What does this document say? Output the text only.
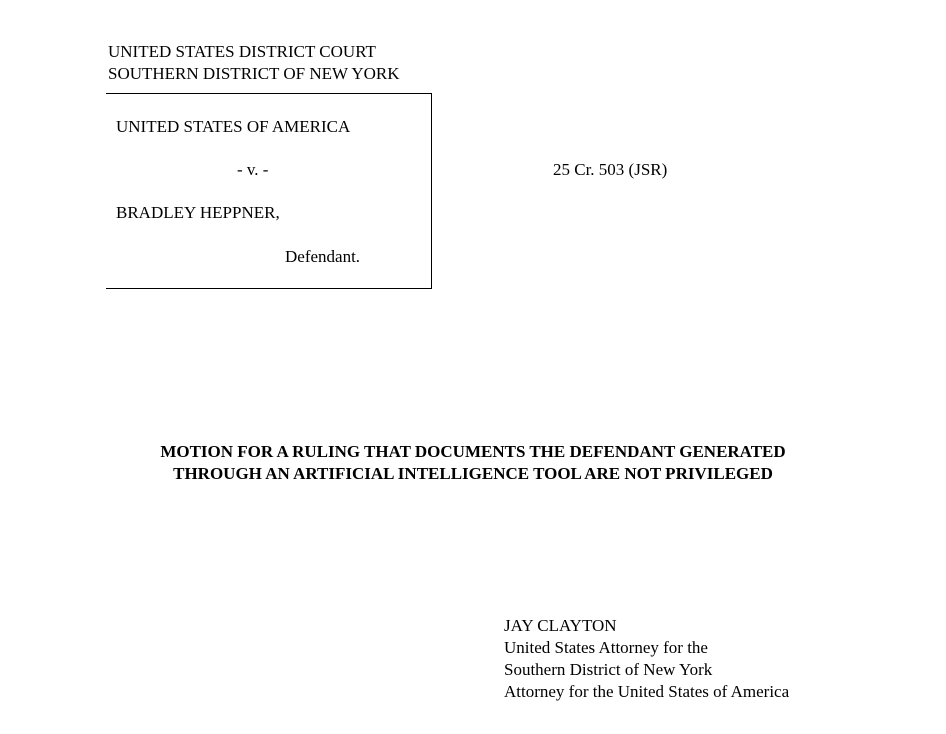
UNITED STATES DISTRICT COURT
SOUTHERN DISTRICT OF NEW YORK
UNITED STATES OF AMERICA
- v. -
BRADLEY HEPPNER,
Defendant.
25 Cr. 503 (JSR)
MOTION FOR A RULING THAT DOCUMENTS THE DEFENDANT GENERATED
THROUGH AN ARTIFICIAL INTELLIGENCE TOOL ARE NOT PRIVILEGED
JAY CLAYTON
United States Attorney for the
Southern District of New York
Attorney for the United States of America
